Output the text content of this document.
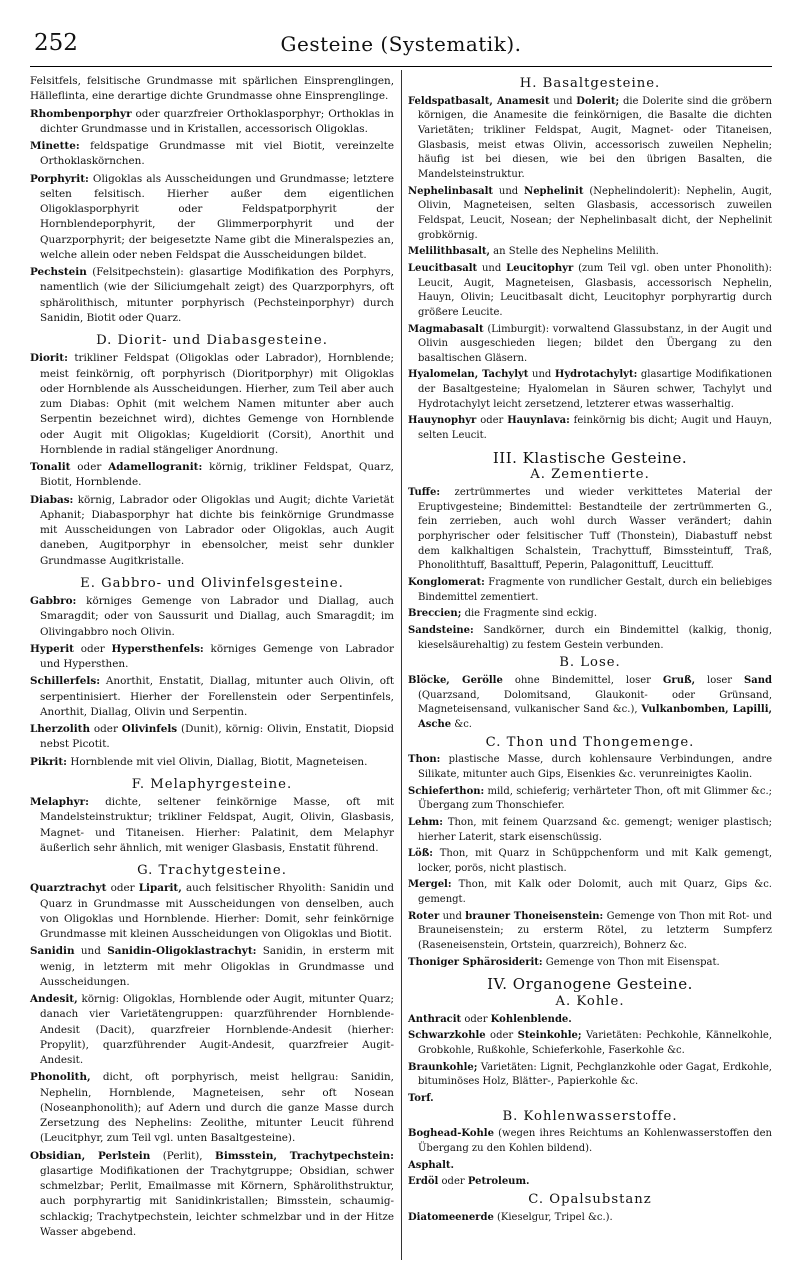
252	Gesteine (Systematik).

Felsitfels, felsitische Grundmasse mit spärlichen Einsprenglingen, Hälleflinta, eine derartige dichte Grundmasse ohne Einsprenglinge.

Rhombenporphyr oder quarzfreier Orthoklasporphyr; Orthoklas in dichter Grundmasse und in Kristallen, accessorisch Oligoklas.

Minette: feldspatige Grundmasse mit viel Biotit, vereinzelte Orthoklaskörnchen.

Porphyrit: Oligoklas als Ausscheidungen und Grundmasse; letztere selten felsitisch. Hierher außer dem eigentlichen Oligoklasporphyrit oder Feldspatporphyrit der Hornblendeporphyrit, der Glimmerporphyrit und der Quarzporphyrit; der beigesetzte Name gibt die Mineralspezies an, welche allein oder neben Feldspat die Ausscheidungen bildet.

Pechstein (Felsitpechstein): glasartige Modifikation des Porphyrs, namentlich (wie der Siliciumgehalt zeigt) des Quarzporphyrs, oft sphärolithisch, mitunter porphyrisch (Pechsteinporphyr) durch Sanidin, Biotit oder Quarz.

D. Diorit- und Diabasgesteine.

Diorit: trikliner Feldspat (Oligoklas oder Labrador), Hornblende; meist feinkörnig, oft porphyrisch (Dioritporphyr) mit Oligoklas oder Hornblende als Ausscheidungen. Hierher, zum Teil aber auch zum Diabas: Ophit (mit welchem Namen mitunter aber auch Serpentin bezeichnet wird), dichtes Gemenge von Hornblende oder Augit mit Oligoklas; Kugeldiorit (Corsit), Anorthit und Hornblende in radial stängeliger Anordnung.

Tonalit oder Adamellogranit: körnig, trikliner Feldspat, Quarz, Biotit, Hornblende.

Diabas: körnig, Labrador oder Oligoklas und Augit; dichte Varietät Aphanit; Diabasporphyr hat dichte bis feinkörnige Grundmasse mit Ausscheidungen von Labrador oder Oligoklas, auch Augit daneben, Augitporphyr in ebensolcher, meist sehr dunkler Grundmasse Augitkristalle.

E. Gabbro- und Olivinfelsgesteine.

Gabbro: körniges Gemenge von Labrador und Diallag, auch Smaragdit; oder von Saussurit und Diallag, auch Smaragdit; im Olivingabbro noch Olivin.

Hyperit oder Hypersthenfels: körniges Gemenge von Labrador und Hypersthen.

Schillerfels: Anorthit, Enstatit, Diallag, mitunter auch Olivin, oft serpentinisiert. Hierher der Forellenstein oder Serpentinfels, Anorthit, Diallag, Olivin und Serpentin.

Lherzolith oder Olivinfels (Dunit), körnig: Olivin, Enstatit, Diopsid nebst Picotit.

Pikrit: Hornblende mit viel Olivin, Diallag, Biotit, Magneteisen.

F. Melaphyrgesteine.

Melaphyr: dichte, seltener feinkörnige Masse, oft mit Mandelsteinstruktur; trikliner Feldspat, Augit, Olivin, Glasbasis, Magnet- und Titaneisen. Hierher: Palatinit, dem Melaphyr äußerlich sehr ähnlich, mit weniger Glasbasis, Enstatit führend.

G. Trachytgesteine.

Quarztrachyt oder Liparit, auch felsitischer Rhyolith: Sanidin und Quarz in Grundmasse mit Ausscheidungen von denselben, auch von Oligoklas und Hornblende. Hierher: Domit, sehr feinkörnige Grundmasse mit kleinen Ausscheidungen von Oligoklas und Biotit.

Sanidin und Sanidin-Oligoklastrachyt: Sanidin, in ersterm mit wenig, in letzterm mit mehr Oligoklas in Grundmasse und Ausscheidungen.

Andesit, körnig: Oligoklas, Hornblende oder Augit, mitunter Quarz; danach vier Varietätengruppen: quarzführender Hornblende-Andesit (Dacit), quarzfreier Hornblende-Andesit (hierher: Propylit), quarzführender Augit-Andesit, quarzfreier Augit-Andesit.

Phonolith, dicht, oft porphyrisch, meist hellgrau: Sanidin, Nephelin, Hornblende, Magneteisen, sehr oft Nosean (Noseanphonolith); auf Adern und durch die ganze Masse durch Zersetzung des Nephelins: Zeolithe, mitunter Leucit führend (Leucitphyr, zum Teil vgl. unten Basaltgesteine).

Obsidian, Perlstein (Perlit), Bimsstein, Trachytpechstein: glasartige Modifikationen der Trachytgruppe; Obsidian, schwer schmelzbar; Perlit, Emailmasse mit Körnern, Sphärolithstruktur, auch porphyrartig mit Sanidinkristallen; Bimsstein, schaumig-schlackig; Trachytpechstein, leichter schmelzbar und in der Hitze Wasser abgebend.

H. Basaltgesteine.

Feldspatbasalt, Anamesit und Dolerit; die Dolerite sind die gröbern körnigen, die Anamesite die feinkörnigen, die Basalte die dichten Varietäten; trikliner Feldspat, Augit, Magnet- oder Titaneisen, Glasbasis, meist etwas Olivin, accessorisch zuweilen Nephelin; häufig ist bei diesen, wie bei den übrigen Basalten, die Mandelsteinstruktur.

Nephelinbasalt und Nephelinit (Nephelindolerit): Nephelin, Augit, Olivin, Magneteisen, selten Glasbasis, accessorisch zuweilen Feldspat, Leucit, Nosean; der Nephelinbasalt dicht, der Nephelinit grobkörnig.

Melilithbasalt, an Stelle des Nephelins Melilith.

Leucitbasalt und Leucitophyr (zum Teil vgl. oben unter Phonolith): Leucit, Augit, Magneteisen, Glasbasis, accessorisch Nephelin, Hauyn, Olivin; Leucitbasalt dicht, Leucitophyr porphyrartig durch größere Leucite.

Magmabasalt (Limburgit): vorwaltend Glassubstanz, in der Augit und Olivin ausgeschieden liegen; bildet den Übergang zu den basaltischen Gläsern.

Hyalomelan, Tachylyt und Hydrotachylyt: glasartige Modifikationen der Basaltgesteine; Hyalomelan in Säuren schwer, Tachylyt und Hydrotachylyt leicht zersetzend, letzterer etwas wasserhaltig.

Hauynophyr oder Hauynlava: feinkörnig bis dicht; Augit und Hauyn, selten Leucit.

III. Klastische Gesteine.
A. Zementierte.

Tuffe: zertrümmertes und wieder verkittetes Material der Eruptivgesteine; Bindemittel: Bestandteile der zertrümmerten G., fein zerrieben, auch wohl durch Wasser verändert; dahin porphyrischer oder felsitischer Tuff (Thonstein), Diabastuff nebst dem kalkhaltigen Schalstein, Trachyttuff, Bimssteintuff, Traß, Phonolithtuff, Basalttuff, Peperin, Palagonittuff, Leucittuff.

Konglomerat: Fragmente von rundlicher Gestalt, durch ein beliebiges Bindemittel zementiert.

Breccien; die Fragmente sind eckig.

Sandsteine: Sandkörner, durch ein Bindemittel (kalkig, thonig, kieselsäurehaltig) zu festem Gestein verbunden.

B. Lose.

Blöcke, Gerölle ohne Bindemittel, loser Gruß, loser Sand (Quarzsand, Dolomitsand, Glaukonit- oder Grünsand, Magneteisensand, vulkanischer Sand &c.), Vulkanbomben, Lapilli, Asche &c.

C. Thon und Thongemenge.

Thon: plastische Masse, durch kohlensaure Verbindungen, andre Silikate, mitunter auch Gips, Eisenkies &c. verunreinigtes Kaolin.

Schieferthon: mild, schieferig; verhärteter Thon, oft mit Glimmer &c.; Übergang zum Thonschiefer.

Lehm: Thon, mit feinem Quarzsand &c. gemengt; weniger plastisch; hierher Laterit, stark eisenschüssig.

Löß: Thon, mit Quarz in Schüppchenform und mit Kalk gemengt, locker, porös, nicht plastisch.

Mergel: Thon, mit Kalk oder Dolomit, auch mit Quarz, Gips &c. gemengt.

Roter und brauner Thoneisenstein: Gemenge von Thon mit Rot- und Brauneisenstein; zu ersterm Rötel, zu letzterm Sumpferz (Raseneisenstein, Ortstein, quarzreich), Bohnerz &c.

Thoniger Sphärosiderit: Gemenge von Thon mit Eisenspat.

IV. Organogene Gesteine.
A. Kohle.

Anthracit oder Kohlenblende.

Schwarzkohle oder Steinkohle; Varietäten: Pechkohle, Kännelkohle, Grobkohle, Rußkohle, Schieferkohle, Faserkohle &c.

Braunkohle; Varietäten: Lignit, Pechglanzkohle oder Gagat, Erdkohle, bituminöses Holz, Blätter-, Papierkohle &c.

Torf.

B. Kohlenwasserstoffe.

Boghead-Kohle (wegen ihres Reichtums an Kohlenwasserstoffen den Übergang zu den Kohlen bildend).

Asphalt.

Erdöl oder Petroleum.

C. Opalsubstanz

Diatomeenerde (Kieselgur, Tripel &c.).
